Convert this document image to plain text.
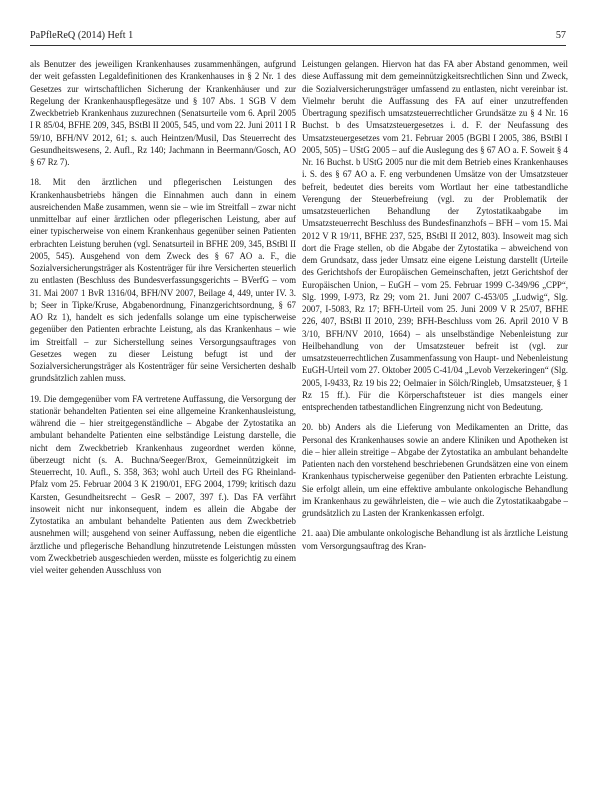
PaPfleReQ (2014) Heft 1	57

als Benutzer des jeweiligen Krankenhauses zusammenhängen, aufgrund der weit gefassten Legaldefinitionen des Krankenhauses in § 2 Nr. 1 des Gesetzes zur wirtschaftlichen Sicherung der Krankenhäuser und zur Regelung der Krankenhauspflegesätze und § 107 Abs. 1 SGB V dem Zweckbetrieb Krankenhaus zuzurechnen (Senatsurteile vom 6. April 2005 I R 85/04, BFHE 209, 345, BStBl II 2005, 545, und vom 22. Juni 2011 I R 59/10, BFH/NV 2012, 61; s. auch Heintzen/Musil, Das Steuerrecht des Gesundheitswesens, 2. Aufl., Rz 140; Jachmann in Beermann/Gosch, AO § 67 Rz 7).

18. Mit den ärztlichen und pflegerischen Leistungen des Krankenhausbetriebs hängen die Einnahmen auch dann in einem ausreichenden Maße zusammen, wenn sie – wie im Streitfall – zwar nicht unmittelbar auf einer ärztlichen oder pflegerischen Leistung, aber auf einer typischerweise von einem Krankenhaus gegenüber seinen Patienten erbrachten Leistung beruhen (vgl. Senatsurteil in BFHE 209, 345, BStBl II 2005, 545). Ausgehend von dem Zweck des § 67 AO a. F., die Sozialversicherungsträger als Kostenträger für ihre Versicherten steuerlich zu entlasten (Beschluss des Bundesverfassungsgerichts – BVerfG – vom 31. Mai 2007 1 BvR 1316/04, BFH/NV 2007, Beilage 4, 449, unter IV. 3. b; Seer in Tipke/Kruse, Abgabenordnung, Finanzgerichtsordnung, § 67 AO Rz 1), handelt es sich jedenfalls solange um eine typischerweise gegenüber den Patienten erbrachte Leistung, als das Krankenhaus – wie im Streitfall – zur Sicherstellung seines Versorgungsauftrages von Gesetzes wegen zu dieser Leistung befugt ist und der Sozialversicherungsträger als Kostenträger für seine Versicherten deshalb grundsätzlich zahlen muss.

19. Die demgegenüber vom FA vertretene Auffassung, die Versorgung der stationär behandelten Patienten sei eine allgemeine Krankenhausleistung, während die – hier streitgegenständliche – Abgabe der Zytostatika an ambulant behandelte Patienten eine selbständige Leistung darstelle, die nicht dem Zweckbetrieb Krankenhaus zugeordnet werden könne, überzeugt nicht (s. A. Buchna/Seeger/Brox, Gemeinnützigkeit im Steuerrecht, 10. Aufl., S. 358, 363; wohl auch Urteil des FG Rheinland-Pfalz vom 25. Februar 2004 3 K 2190/01, EFG 2004, 1799; kritisch dazu Karsten, Gesundheitsrecht – GesR – 2007, 397 f.). Das FA verfährt insoweit nicht nur inkonsequent, indem es allein die Abgabe der Zytostatika an ambulant behandelte Patienten aus dem Zweckbetrieb ausnehmen will; ausgehend von seiner Auffassung, neben die eigentliche ärztliche und pflegerische Behandlung hinzutretende Leistungen müssten vom Zweckbetrieb ausgeschieden werden, müsste es folgerichtig zu einem viel weiter gehenden Ausschluss von

Leistungen gelangen. Hiervon hat das FA aber Abstand genommen, weil diese Auffassung mit dem gemeinnützigkeitsrechtlichen Sinn und Zweck, die Sozialversicherungsträger umfassend zu entlasten, nicht vereinbar ist. Vielmehr beruht die Auffassung des FA auf einer unzutreffenden Übertragung spezifisch umsatzsteuerrechtlicher Grundsätze zu § 4 Nr. 16 Buchst. b des Umsatzsteuergesetzes i. d. F. der Neufassung des Umsatzsteuergesetzes vom 21. Februar 2005 (BGBl I 2005, 386, BStBl I 2005, 505) – UStG 2005 – auf die Auslegung des § 67 AO a. F. Soweit § 4 Nr. 16 Buchst. b UStG 2005 nur die mit dem Betrieb eines Krankenhauses i. S. des § 67 AO a. F. eng verbundenen Umsätze von der Umsatzsteuer befreit, bedeutet dies bereits vom Wortlaut her eine tatbestandliche Verengung der Steuerbefreiung (vgl. zu der Problematik der umsatzsteuerlichen Behandlung der Zytostatikaabgabe im Umsatzsteuerrecht Beschluss des Bundesfinanzhofs – BFH – vom 15. Mai 2012 V R 19/11, BFHE 237, 525, BStBl II 2012, 803). Insoweit mag sich dort die Frage stellen, ob die Abgabe der Zytostatika – abweichend von dem Grundsatz, dass jeder Umsatz eine eigene Leistung darstellt (Urteile des Gerichtshofs der Europäischen Gemeinschaften, jetzt Gerichtshof der Europäischen Union, – EuGH – vom 25. Februar 1999 C-349/96 „CPP“, Slg. 1999, I-973, Rz 29; vom 21. Juni 2007 C-453/05 „Ludwig“, Slg. 2007, I-5083, Rz 17; BFH-Urteil vom 25. Juni 2009 V R 25/07, BFHE 226, 407, BStBl II 2010, 239; BFH-Beschluss vom 26. April 2010 V B 3/10, BFH/NV 2010, 1664) – als unselbständige Nebenleistung zur Heilbehandlung von der Umsatzsteuer befreit ist (vgl. zur umsatzsteuerrechtlichen Zusammenfassung von Haupt- und Nebenleistung EuGH-Urteil vom 27. Oktober 2005 C-41/04 „Levob Verzekeringen“ (Slg. 2005, I-9433, Rz 19 bis 22; Oelmaier in Sölch/Ringleb, Umsatzsteuer, § 1 Rz 15 ff.). Für die Körperschaftsteuer ist dies mangels einer entsprechenden tatbestandlichen Eingrenzung nicht von Bedeutung.

20. bb) Anders als die Lieferung von Medikamenten an Dritte, das Personal des Krankenhauses sowie an andere Kliniken und Apotheken ist die – hier allein streitige – Abgabe der Zytostatika an ambulant behandelte Patienten nach den vorstehend beschriebenen Grundsätzen eine von einem Krankenhaus typischerweise gegenüber den Patienten erbrachte Leistung. Sie erfolgt allein, um eine effektive ambulante onkologische Behandlung im Krankenhaus zu gewährleisten, die – wie auch die Zytostatikaabgabe – grundsätzlich zu Lasten der Krankenkassen erfolgt.

21. aaa) Die ambulante onkologische Behandlung ist als ärztliche Leistung vom Versorgungsauftrag des Kran-
